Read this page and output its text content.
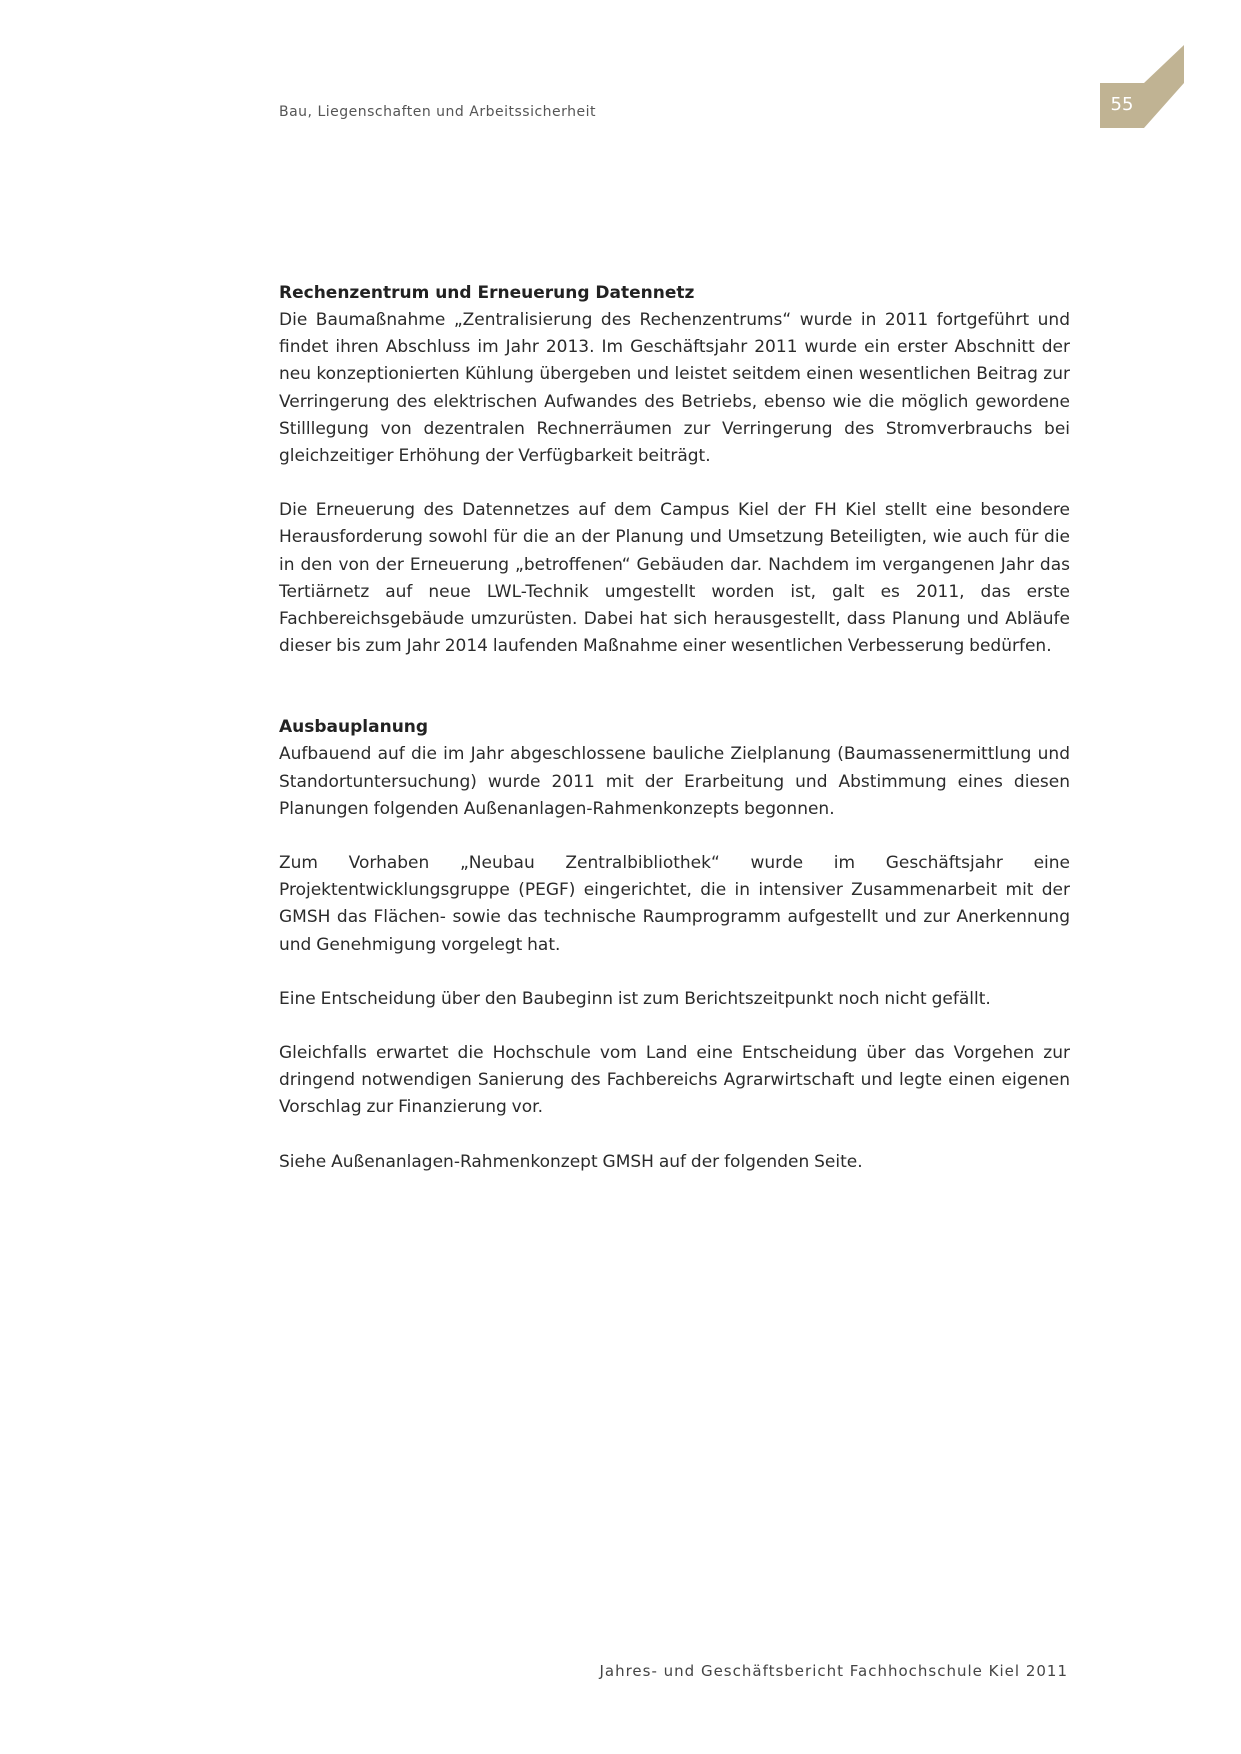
Bau, Liegenschaften und Arbeitssicherheit	55
Rechenzentrum und Erneuerung Datennetz

Die Baumaßnahme „Zentralisierung des Rechenzentrums“ wurde in 2011 fortgeführt und findet ihren Abschluss im Jahr 2013. Im Geschäftsjahr 2011 wurde ein erster Abschnitt der neu konzeptionierten Kühlung übergeben und leistet seitdem einen wesentlichen Beitrag zur Verringerung des elektrischen Aufwandes des Betriebs, ebenso wie die möglich gewordene Stilllegung von dezentralen Rechnerräumen zur Verringerung des Stromverbrauchs bei gleichzeitiger Erhöhung der Verfügbarkeit beiträgt.

Die Erneuerung des Datennetzes auf dem Campus Kiel der FH Kiel stellt eine besondere Herausforderung sowohl für die an der Planung und Umsetzung Beteiligten, wie auch für die in den von der Erneuerung „betroffenen“ Gebäuden dar. Nachdem im vergangenen Jahr das Tertiärnetz auf neue LWL-Technik umgestellt worden ist, galt es 2011, das erste Fachbereichsgebäude umzurüsten. Dabei hat sich herausgestellt, dass Planung und Abläufe dieser bis zum Jahr 2014 laufenden Maßnahme einer wesentlichen Verbesserung bedürfen.

Ausbauplanung

Aufbauend auf die im Jahr abgeschlossene bauliche Zielplanung (Baumassenermittlung und Standortuntersuchung) wurde 2011 mit der Erarbeitung und Abstimmung eines diesen Planungen folgenden Außenanlagen-Rahmenkonzepts begonnen.

Zum Vorhaben „Neubau Zentralbibliothek“ wurde im Geschäftsjahr eine Projektentwicklungsgruppe (PEGF) eingerichtet, die in intensiver Zusammenarbeit mit der GMSH das Flächen- sowie das technische Raumprogramm aufgestellt und zur Anerkennung und Genehmigung vorgelegt hat.

Eine Entscheidung über den Baubeginn ist zum Berichtszeitpunkt noch nicht gefällt.

Gleichfalls erwartet die Hochschule vom Land eine Entscheidung über das Vorgehen zur dringend notwendigen Sanierung des Fachbereichs Agrarwirtschaft und legte einen eigenen Vorschlag zur Finanzierung vor.

Siehe Außenanlagen-Rahmenkonzept GMSH auf der folgenden Seite.

Jahres- und Geschäftsbericht Fachhochschule Kiel 2011
